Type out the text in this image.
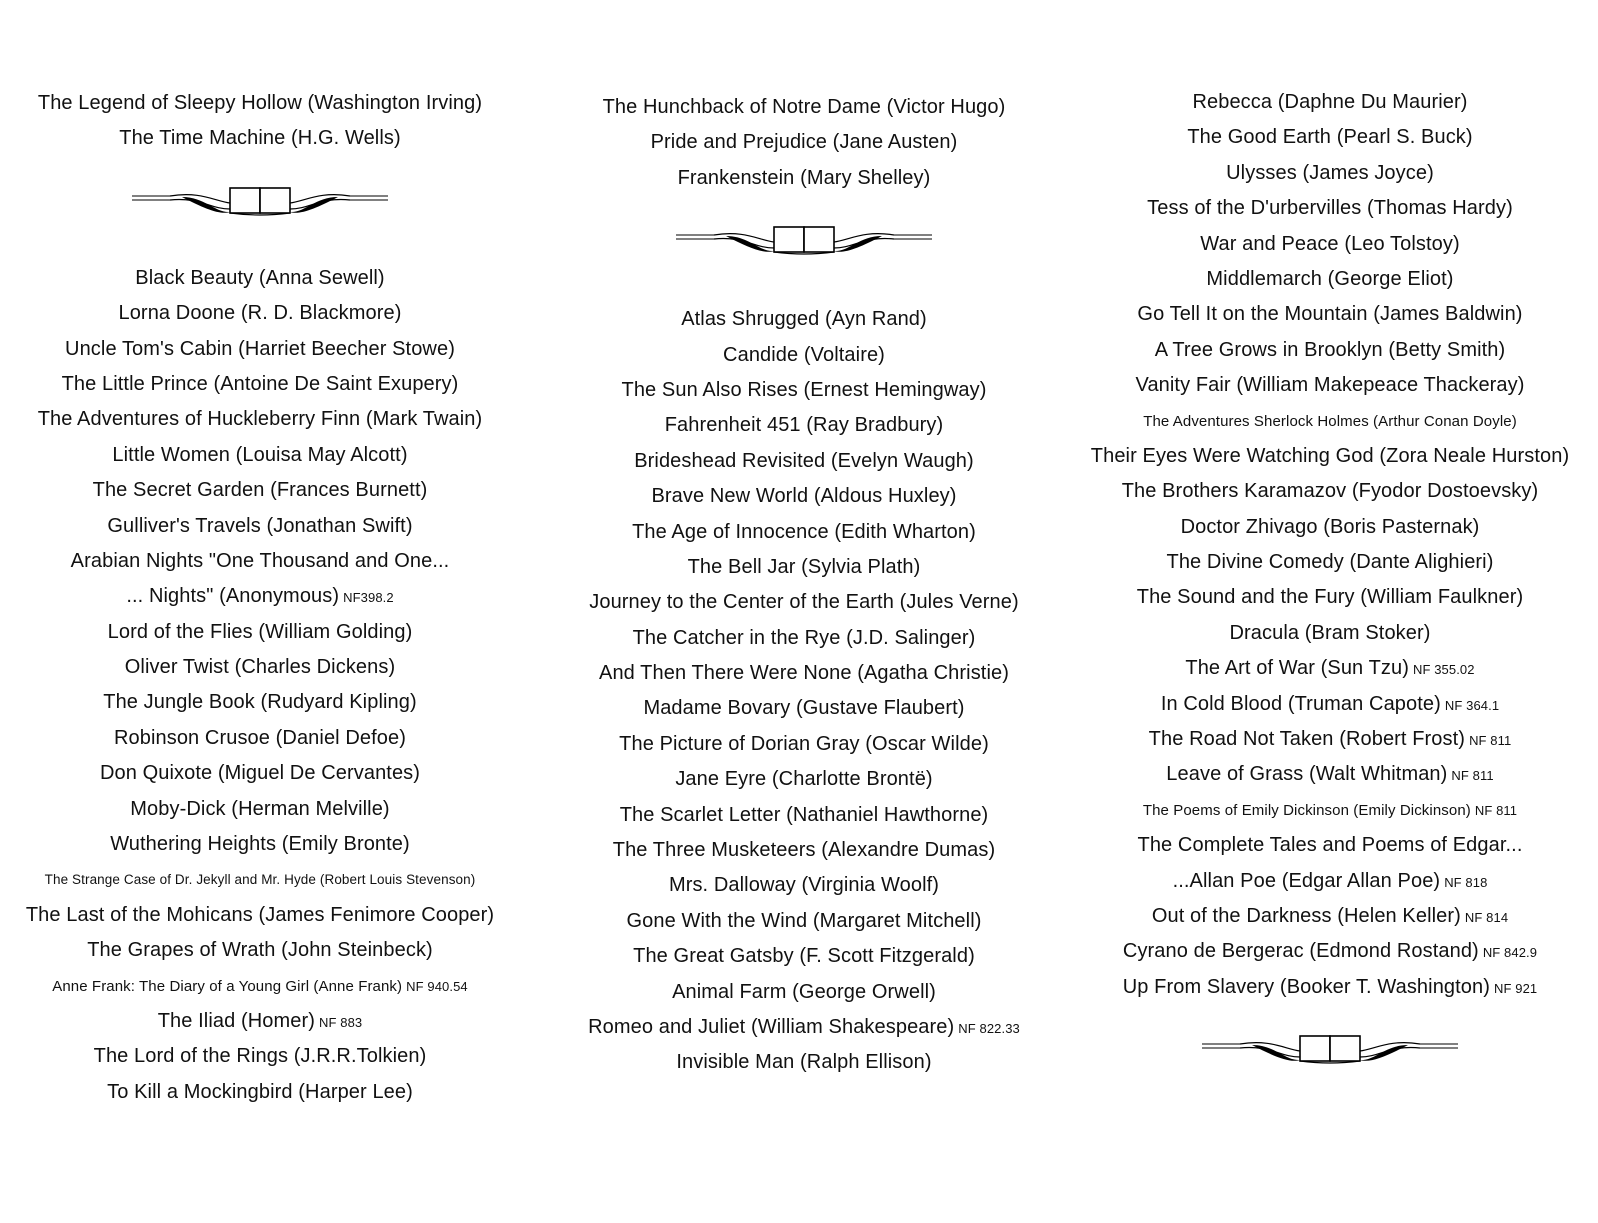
The Legend of Sleepy Hollow (Washington Irving)
The Time Machine (H.G. Wells)
Black Beauty (Anna Sewell)
Lorna Doone (R. D. Blackmore)
Uncle Tom's Cabin (Harriet Beecher Stowe)
The Little Prince (Antoine De Saint Exupery)
The Adventures of Huckleberry Finn (Mark Twain)
Little Women (Louisa May Alcott)
The Secret Garden (Frances Burnett)
Gulliver's Travels (Jonathan Swift)
Arabian Nights "One Thousand and One...
... Nights" (Anonymous) NF398.2
Lord of the Flies (William Golding)
Oliver Twist (Charles Dickens)
The Jungle Book (Rudyard Kipling)
Robinson Crusoe (Daniel Defoe)
Don Quixote (Miguel De Cervantes)
Moby-Dick (Herman Melville)
Wuthering Heights (Emily Bronte)
The Strange Case of Dr. Jekyll and Mr. Hyde (Robert Louis Stevenson)
The Last of the Mohicans (James Fenimore Cooper)
The Grapes of Wrath (John Steinbeck)
Anne Frank: The Diary of a Young Girl (Anne Frank) NF 940.54
The Iliad (Homer) NF 883
The Lord of the Rings (J.R.R.Tolkien)
To Kill a Mockingbird (Harper Lee)
The Hunchback of Notre Dame (Victor Hugo)
Pride and Prejudice (Jane Austen)
Frankenstein (Mary Shelley)
Atlas Shrugged (Ayn Rand)
Candide (Voltaire)
The Sun Also Rises (Ernest Hemingway)
Fahrenheit 451 (Ray Bradbury)
Brideshead Revisited (Evelyn Waugh)
Brave New World (Aldous Huxley)
The Age of Innocence (Edith Wharton)
The Bell Jar (Sylvia Plath)
Journey to the Center of the Earth (Jules Verne)
The Catcher in the Rye (J.D. Salinger)
And Then There Were None (Agatha Christie)
Madame Bovary (Gustave Flaubert)
The Picture of Dorian Gray (Oscar Wilde)
Jane Eyre (Charlotte Brontë)
The Scarlet Letter (Nathaniel Hawthorne)
The Three Musketeers (Alexandre Dumas)
Mrs. Dalloway (Virginia Woolf)
Gone With the Wind (Margaret Mitchell)
The Great Gatsby (F. Scott Fitzgerald)
Animal Farm (George Orwell)
Romeo and Juliet (William Shakespeare) NF 822.33
Invisible Man (Ralph Ellison)
Rebecca (Daphne Du Maurier)
The Good Earth (Pearl S. Buck)
Ulysses (James Joyce)
Tess of the D'urbervilles (Thomas Hardy)
War and Peace (Leo Tolstoy)
Middlemarch (George Eliot)
Go Tell It on the Mountain (James Baldwin)
A Tree Grows in Brooklyn (Betty Smith)
Vanity Fair (William Makepeace Thackeray)
The Adventures Sherlock Holmes (Arthur Conan Doyle)
Their Eyes Were Watching God (Zora Neale Hurston)
The Brothers Karamazov (Fyodor Dostoevsky)
Doctor Zhivago (Boris Pasternak)
The Divine Comedy (Dante Alighieri)
The Sound and the Fury (William Faulkner)
Dracula (Bram Stoker)
The Art of War (Sun Tzu) NF 355.02
In Cold Blood (Truman Capote) NF 364.1
The Road Not Taken (Robert Frost) NF 811
Leave of Grass (Walt Whitman) NF 811
The Poems of Emily Dickinson (Emily Dickinson) NF 811
The Complete Tales and Poems of Edgar...
...Allan Poe (Edgar Allan Poe) NF 818
Out of the Darkness (Helen Keller) NF 814
Cyrano de Bergerac (Edmond Rostand) NF 842.9
Up From Slavery (Booker T. Washington) NF 921
